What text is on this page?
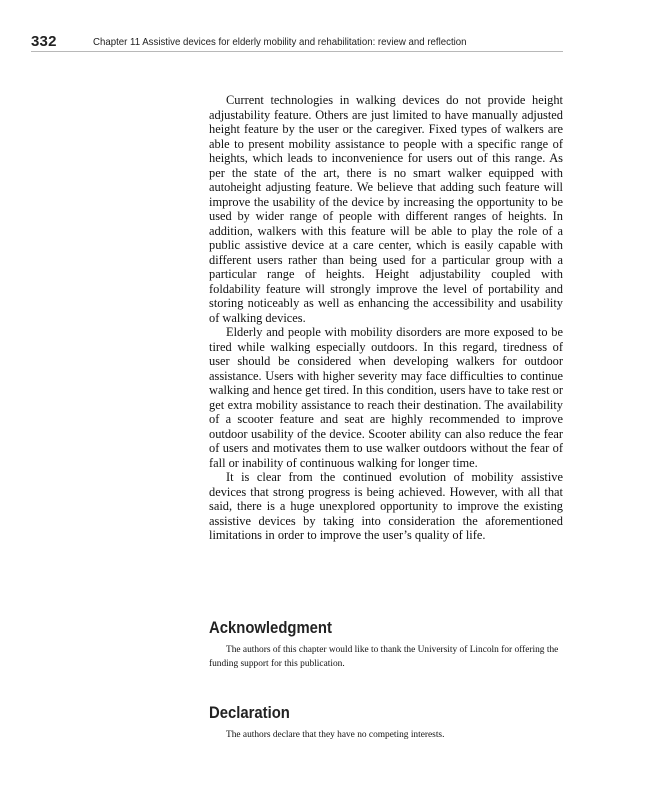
332	Chapter 11 Assistive devices for elderly mobility and rehabilitation: review and reflection

Current technologies in walking devices do not provide height adjustability feature. Others are just limited to have manually adjusted height feature by the user or the caregiver. Fixed types of walkers are able to present mobility assistance to people with a specific range of heights, which leads to inconvenience for users out of this range. As per the state of the art, there is no smart walker equipped with autoheight adjusting feature. We believe that adding such feature will improve the usability of the device by increasing the opportunity to be used by wider range of people with different ranges of heights. In addition, walkers with this feature will be able to play the role of a public assistive device at a care center, which is easily capable with different users rather than being used for a particular group with a particular range of heights. Height adjustability coupled with foldability feature will strongly improve the level of portability and storing noticeably as well as enhancing the accessibility and usability of walking devices.

Elderly and people with mobility disorders are more exposed to be tired while walking especially outdoors. In this regard, tiredness of user should be considered when developing walkers for outdoor assistance. Users with higher severity may face difficulties to continue walking and hence get tired. In this condition, users have to take rest or get extra mobility assistance to reach their destination. The availability of a scooter feature and seat are highly recommended to improve outdoor usability of the device. Scooter ability can also reduce the fear of users and motivates them to use walker outdoors without the fear of fall or inability of continuous walking for longer time.

It is clear from the continued evolution of mobility assistive devices that strong progress is being achieved. However, with all that said, there is a huge unexplored opportunity to improve the existing assistive devices by taking into consideration the aforementioned limitations in order to improve the user’s quality of life.

Acknowledgment

The authors of this chapter would like to thank the University of Lincoln for offering the funding support for this publication.

Declaration

The authors declare that they have no competing interests.
